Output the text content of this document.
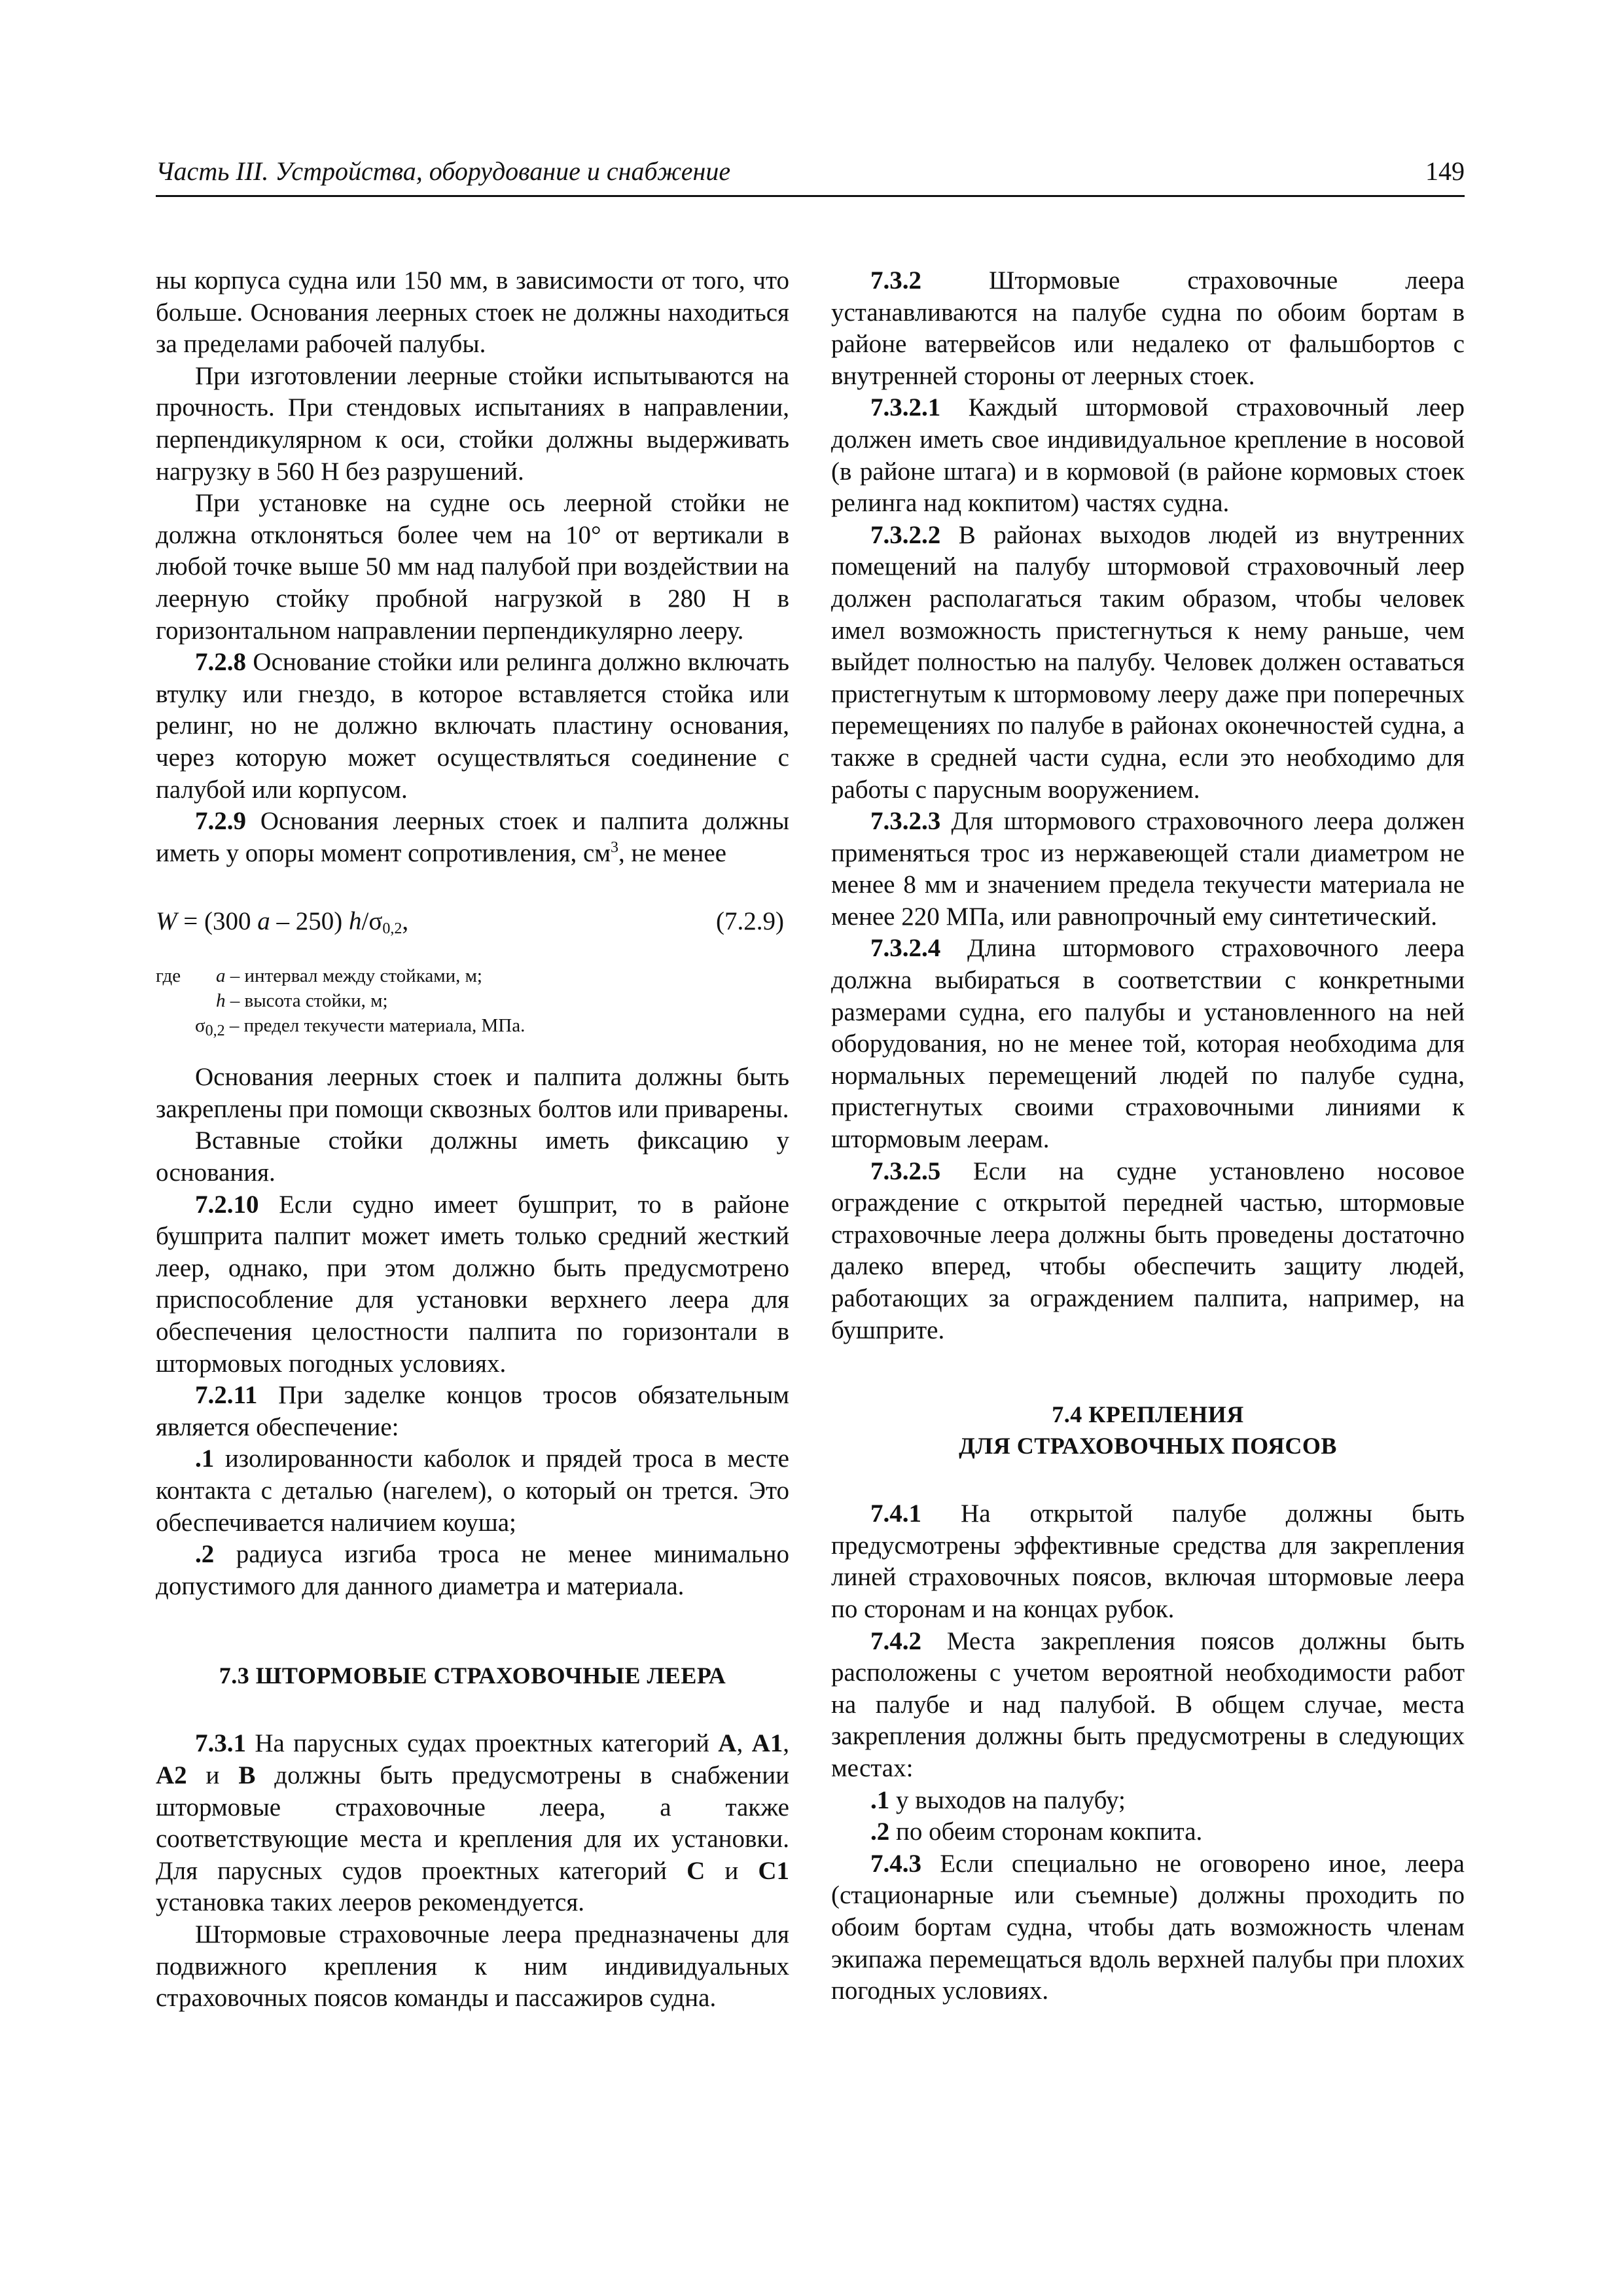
Часть III. Устройства, оборудование и снабжение	149

ны корпуса судна или 150 мм, в зависимости от того, что больше. Основания леерных стоек не должны находиться за пределами рабочей палубы.

При изготовлении леерные стойки испытываются на прочность. При стендовых испытаниях в направлении, перпендикулярном к оси, стойки должны выдерживать нагрузку в 560 Н без разрушений.

При установке на судне ось леерной стойки не должна отклоняться более чем на 10° от вертикали в любой точке выше 50 мм над палубой при воздействии на леерную стойку пробной нагрузкой в 280 Н в горизонтальном направлении перпендикулярно лееру.

7.2.8 Основание стойки или релинга должно включать втулку или гнездо, в которое вставляется стойка или релинг, но не должно включать пластину основания, через которую может осуществляться соединение с палубой или корпусом.

7.2.9 Основания леерных стоек и палпита должны иметь у опоры момент сопротивления, $см^3$, не менее

W = (300 a – 250) $h/\sigma_{0,2}$,	(7.2.9)
где a – интервал между стойками, м;
h – высота стойки, м;
$\sigma_{0,2}$ – предел текучести материала, МПа.

Основания леерных стоек и палпита должны быть закреплены при помощи сквозных болтов или приварены.

Вставные стойки должны иметь фиксацию у основания.

7.2.10 Если судно имеет бушприт, то в районе бушприта палпит может иметь только средний жесткий леер, однако, при этом должно быть предусмотрено приспособление для установки верхнего леера для обеспечения целостности палпита по горизонтали в штормовых погодных условиях.

7.2.11 При заделке концов тросов обязательным является обеспечение:

.1 изолированности каболок и прядей троса в месте контакта с деталью (нагелем), о который он трется. Это обеспечивается наличием коуша;

.2 радиуса изгиба троса не менее минимально допустимого для данного диаметра и материала.

7.3 ШТОРМОВЫЕ СТРАХОВОЧНЫЕ ЛЕЕРА

7.3.1 На парусных судах проектных категорий А, А1, А2 и В должны быть предусмотрены в снабжении штормовые страховочные леера, а также соответствующие места и крепления для их установки. Для парусных судов проектных категорий С и С1 установка таких лееров рекомендуется.

Штормовые страховочные леера предназначены для подвижного крепления к ним индивидуальных страховочных поясов команды и пассажиров судна.

7.3.2 Штормовые страховочные леера устанавливаются на палубе судна по обоим бортам в районе ватервейсов или недалеко от фальшбортов с внутренней стороны от леерных стоек.

7.3.2.1 Каждый штормовой страховочный леер должен иметь свое индивидуальное крепление в носовой (в районе штага) и в кормовой (в районе кормовых стоек релинга над кокпитом) частях судна.

7.3.2.2 В районах выходов людей из внутренних помещений на палубу штормовой страховочный леер должен располагаться таким образом, чтобы человек имел возможность пристегнуться к нему раньше, чем выйдет полностью на палубу. Человек должен оставаться пристегнутым к штормовому лееру даже при поперечных перемещениях по палубе в районах оконечностей судна, а также в средней части судна, если это необходимо для работы с парусным вооружением.

7.3.2.3 Для штормового страховочного леера должен применяться трос из нержавеющей стали диаметром не менее 8 мм и значением предела текучести материала не менее 220 МПа, или равнопрочный ему синтетический.

7.3.2.4 Длина штормового страховочного леера должна выбираться в соответствии с конкретными размерами судна, его палубы и установленного на ней оборудования, но не менее той, которая необходима для нормальных перемещений людей по палубе судна, пристегнутых своими страховочными линиями к штормовым леерам.

7.3.2.5 Если на судне установлено носовое ограждение с открытой передней частью, штормовые страховочные леера должны быть проведены достаточно далеко вперед, чтобы обеспечить защиту людей, работающих за ограждением палпита, например, на бушприте.

7.4 КРЕПЛЕНИЯ
ДЛЯ СТРАХОВОЧНЫХ ПОЯСОВ

7.4.1 На открытой палубе должны быть предусмотрены эффективные средства для закрепления линей страховочных поясов, включая штормовые леера по сторонам и на концах рубок.

7.4.2 Места закрепления поясов должны быть расположены с учетом вероятной необходимости работ на палубе и над палубой. В общем случае, места закрепления должны быть предусмотрены в следующих местах:

.1 у выходов на палубу;

.2 по обеим сторонам кокпита.

7.4.3 Если специально не оговорено иное, леера (стационарные или съемные) должны проходить по обоим бортам судна, чтобы дать возможность членам экипажа перемещаться вдоль верхней палубы при плохих погодных условиях.
